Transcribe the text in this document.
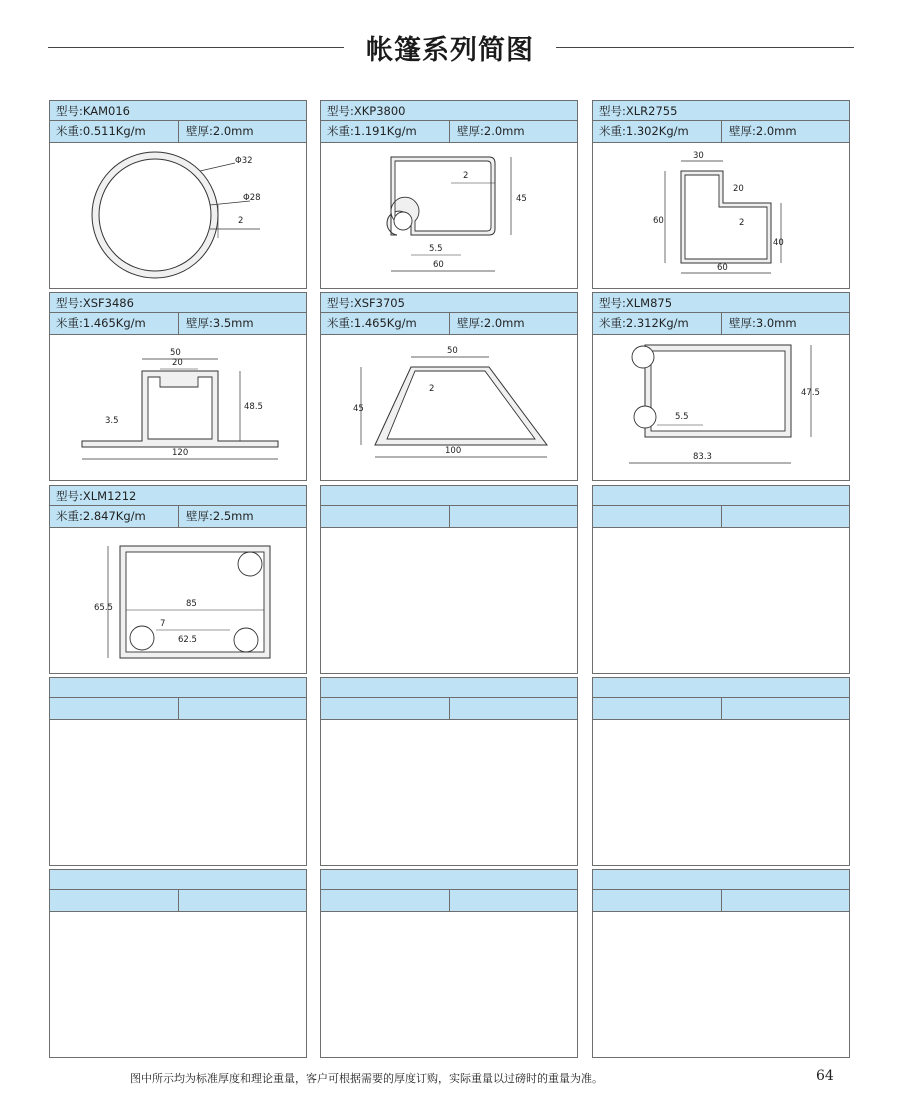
帐篷系列简图
型号:KAM016
米重:0.511Kg/m	壁厚:2.0mm
Φ32
Φ28
2
型号:XKP3800
米重:1.191Kg/m	壁厚:2.0mm
2
45
5.5
60
型号:XLR2755
米重:1.302Kg/m	壁厚:2.0mm
30
20
60	2
40
60
型号:XSF3486
米重:1.465Kg/m	壁厚:3.5mm
50
20
48.5
3.5
120
型号:XSF3705
米重:1.465Kg/m	壁厚:2.0mm
50
2
45
100
型号:XLM875
米重:2.312Kg/m	壁厚:3.0mm
47.5
5.5
83.3
型号:XLM1212
米重:2.847Kg/m	壁厚:2.5mm
65.5	85
7
62.5
图中所示均为标准厚度和理论重量，客户可根据需要的厚度订购，实际重量以过磅时的重量为准。	64
